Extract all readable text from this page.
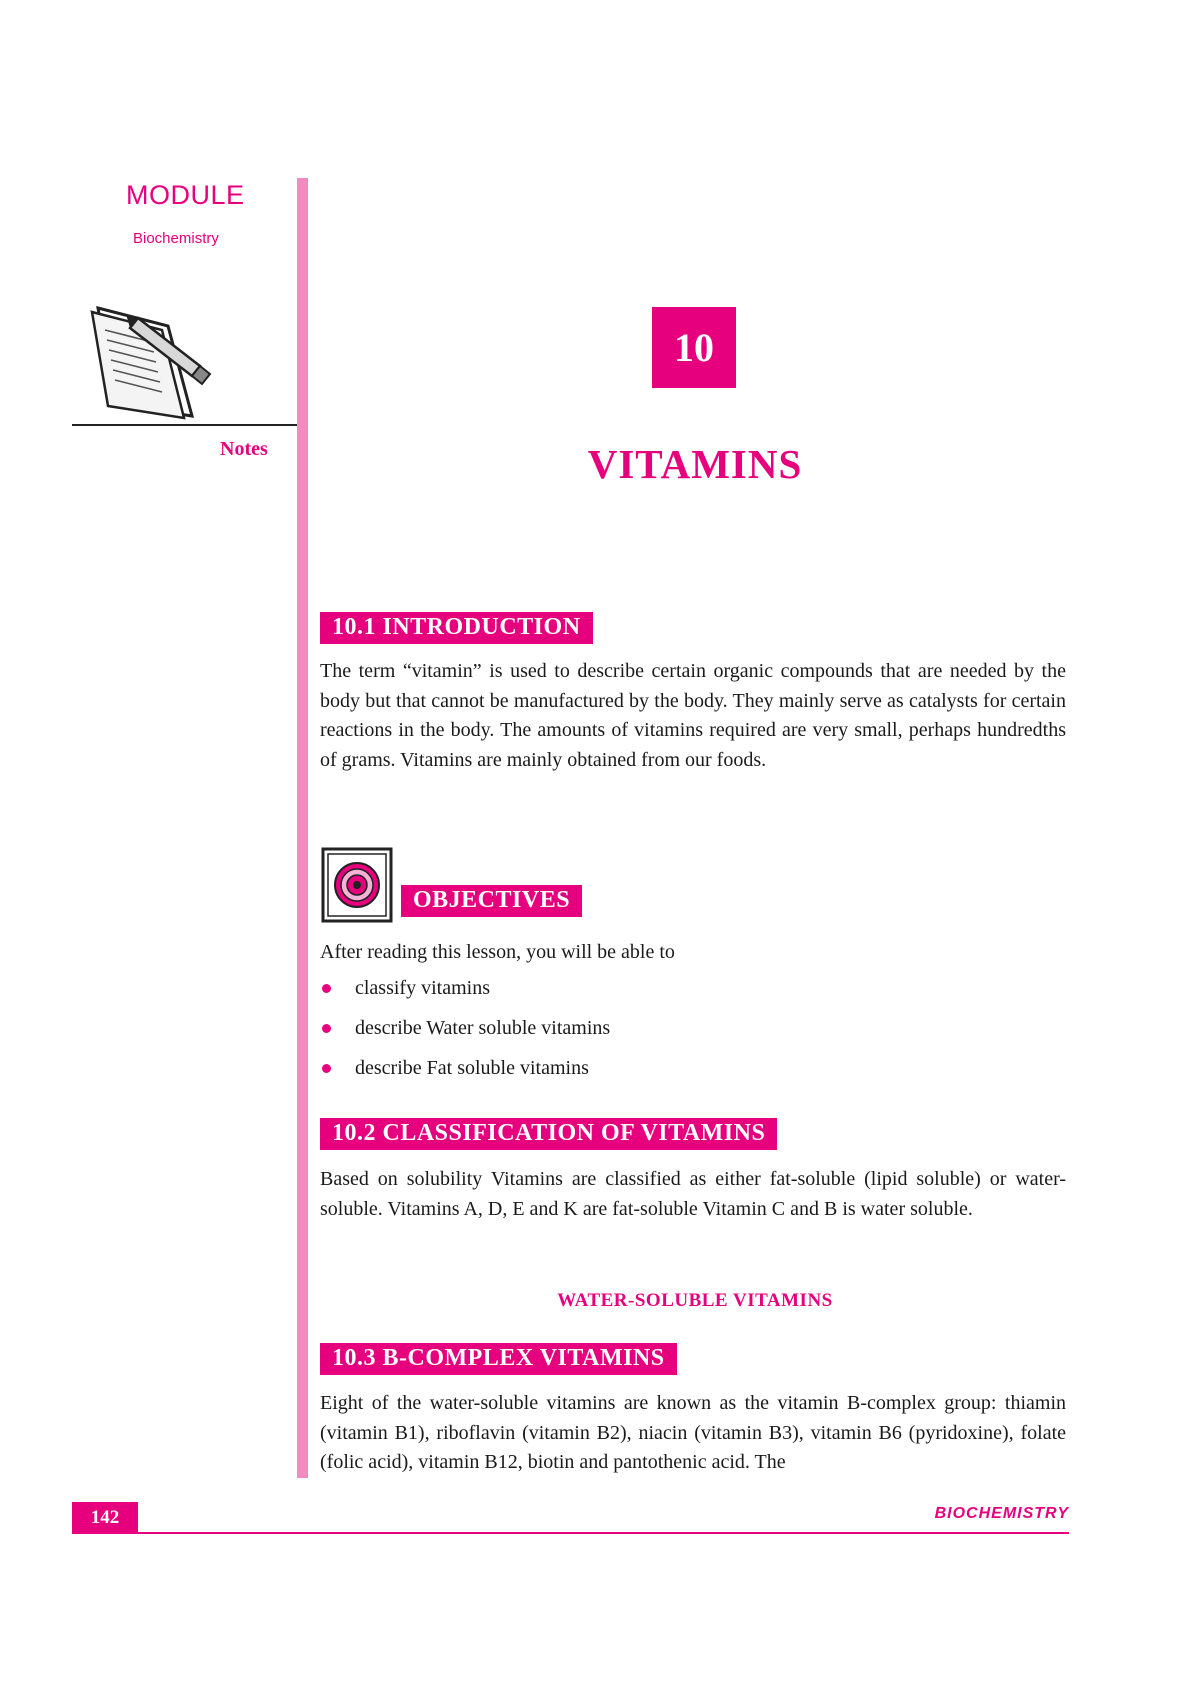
MODULE
Biochemistry
Notes
10
VITAMINS
10.1 INTRODUCTION

The term “vitamin” is used to describe certain organic compounds that are needed by the body but that cannot be manufactured by the body. They mainly serve as catalysts for certain reactions in the body. The amounts of vitamins required are very small, perhaps hundredths of grams. Vitamins are mainly obtained from our foods.

OBJECTIVES

After reading this lesson, you will be able to

classify vitamins
describe Water soluble vitamins
describe Fat soluble vitamins
10.2 CLASSIFICATION OF VITAMINS

Based on solubility Vitamins are classified as either fat-soluble (lipid soluble) or water-soluble. Vitamins A, D, E and K are fat-soluble Vitamin C and B is water soluble.

WATER-SOLUBLE VITAMINS
10.3 B-COMPLEX VITAMINS

Eight of the water-soluble vitamins are known as the vitamin B-complex group: thiamin (vitamin B1), riboflavin (vitamin B2), niacin (vitamin B3), vitamin B6 (pyridoxine), folate (folic acid), vitamin B12, biotin and pantothenic acid. The

142	BIOCHEMISTRY
